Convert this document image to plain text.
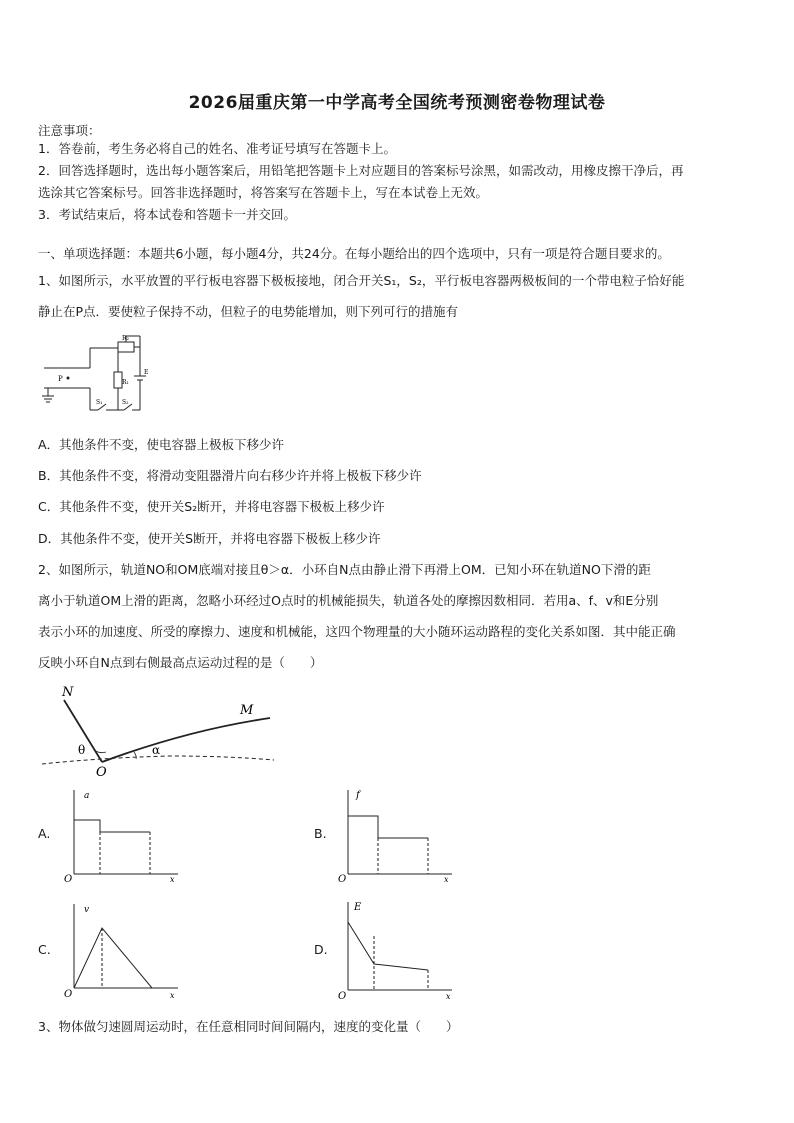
2026届重庆第一中学高考全国统考预测密卷物理试卷
注意事项：
1．答卷前，考生务必将自己的姓名、准考证号填写在答题卡上。
2．回答选择题时，选出每小题答案后，用铅笔把答题卡上对应题目的答案标号涂黑，如需改动，用橡皮擦干净后，再
选涂其它答案标号。回答非选择题时，将答案写在答题卡上，写在本试卷上无效。
3．考试结束后，将本试卷和答题卡一并交回。
一、单项选择题：本题共6小题，每小题4分，共24分。在每小题给出的四个选项中，只有一项是符合题目要求的。
1、如图所示，水平放置的平行板电容器下极板接地，闭合开关S₁，S₂，平行板电容器两极板间的一个带电粒子恰好能
静止在P点．要使粒子保持不动，但粒子的电势能增加，则下列可行的措施有
P
R₂
R₁
E
S₁	S₂
A．其他条件不变，使电容器上极板下移少许
B．其他条件不变，将滑动变阻器滑片向右移少许并将上极板下移少许
C．其他条件不变，使开关S₂断开，并将电容器下极板上移少许
D．其他条件不变，使开关S断开，并将电容器下极板上移少许
2、如图所示，轨道NO和OM底端对接且θ＞α．小环自N点由静止滑下再滑上OM．已知小环在轨道NO下滑的距
离小于轨道OM上滑的距离，忽略小环经过O点时的机械能损失，轨道各处的摩擦因数相同．若用a、f、v和E分别
表示小环的加速度、所受的摩擦力、速度和机械能，这四个物理量的大小随环运动路程的变化关系如图．其中能正确
反映小环自N点到右侧最高点运动过程的是（　　）
N
M
O
θ	α
A.
a
x
O
B.
f
x
O
C.
v
x
O
D.
E
x
O
3、物体做匀速圆周运动时，在任意相同时间间隔内，速度的变化量（　　）
